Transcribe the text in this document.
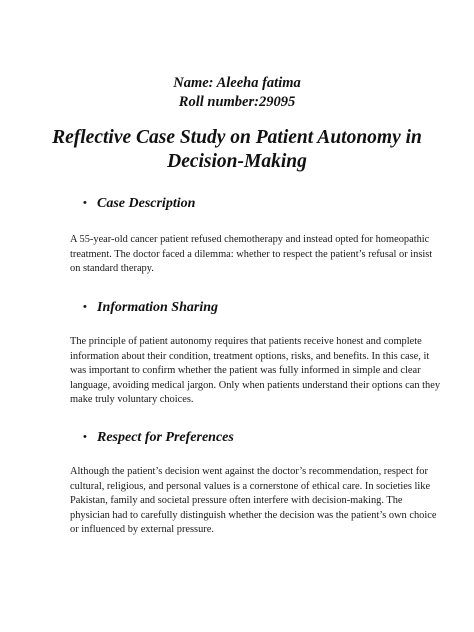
Name: Aleeha fatima

Roll number:29095

Reflective Case Study on Patient Autonomy in
Decision-Making
• Case Description
A 55-year-old cancer patient refused chemotherapy and instead opted for homeopathic
treatment. The doctor faced a dilemma: whether to respect the patient’s refusal or insist
on standard therapy.
• Information Sharing
The principle of patient autonomy requires that patients receive honest and complete
information about their condition, treatment options, risks, and benefits. In this case, it
was important to confirm whether the patient was fully informed in simple and clear
language, avoiding medical jargon. Only when patients understand their options can they
make truly voluntary choices.
• Respect for Preferences
Although the patient’s decision went against the doctor’s recommendation, respect for
cultural, religious, and personal values is a cornerstone of ethical care. In societies like
Pakistan, family and societal pressure often interfere with decision-making. The
physician had to carefully distinguish whether the decision was the patient’s own choice
or influenced by external pressure.
